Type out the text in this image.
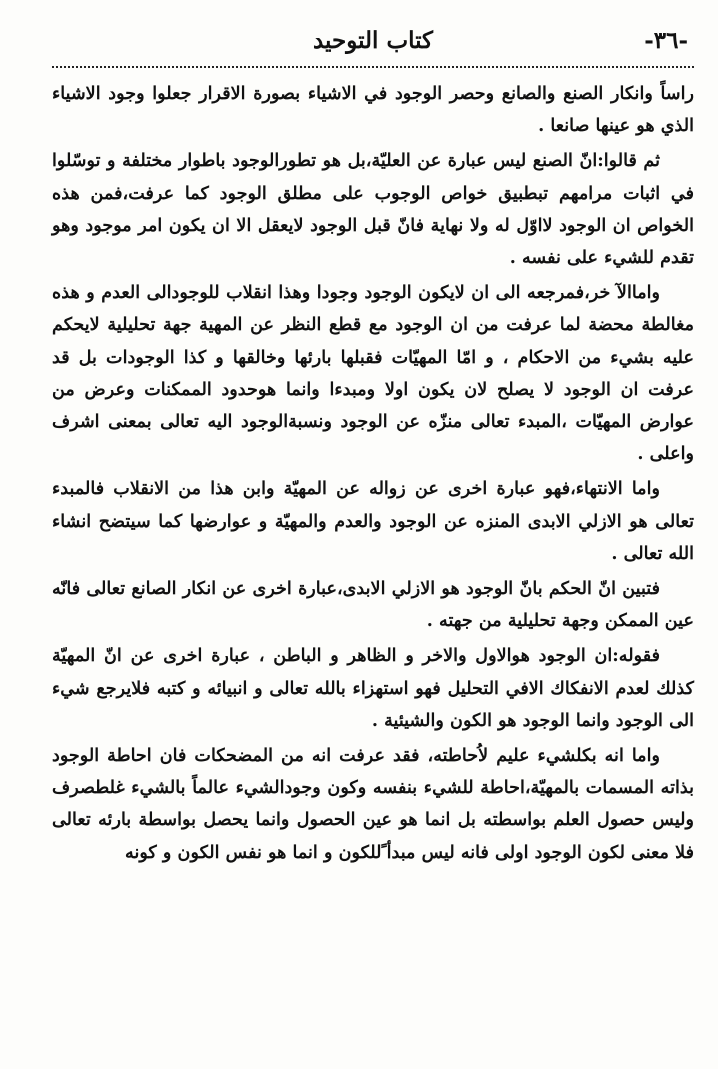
-٣٦-
كتاب التوحيد

راساً وانكار الصنع والصانع وحصر الوجود في الاشياء بصورة الاقرار جعلوا وجود الاشياء الذي هو عينها صانعا .

ثم قالوا:انّ الصنع ليس عبارة عن العليّة،بل هو تطورالوجود باطوار مختلفة و توسّلوا في اثبات مرامهم تبطبيق خواص الوجوب على مطلق الوجود كما عرفت،فمن هذه الخواص ان الوجود لااوّل له ولا نهاية فانّ قبل الوجود لايعقل الا ان يكون امر موجود وهو تقدم للشيء على نفسه .

واماالآ خر،فمرجعه الى ان لايكون الوجود وجودا وهذا انقلاب للوجودالى العدم و هذه مغالطة محضة لما عرفت من ان الوجود مع قطع النظر عن المهية جهة تحليلية لايحكم عليه بشيء من الاحكام ، و امّا المهيّات فقبلها بارئها وخالقها و كذا الوجودات بل قد عرفت ان الوجود لا يصلح لان يكون اولا ومبدءا وانما هوحدود الممكنات وعرض من عوارض المهيّات ،المبدء تعالى منزّه عن الوجود ونسبةالوجود اليه تعالى بمعنى اشرف واعلى .

واما الانتهاء،فهو عبارة اخرى عن زواله عن المهيّة وابن هذا من الانقلاب فالمبدء تعالى هو الازلي الابدى المنزه عن الوجود والعدم والمهيّة و عوارضها كما سيتضح انشاء الله تعالى .

فتبين انّ الحكم بانّ الوجود هو الازلي الابدى،عبارة اخرى عن انكار الصانع تعالى فانّه عين الممكن وجهة تحليلية من جهته .

فقوله:ان الوجود هوالاول والاخر و الظاهر و الباطن ، عبارة اخرى عن انّ المهيّة كذلك لعدم الانفكاك الافي التحليل فهو استهزاء بالله تعالى و انبيائه و كتبه فلايرجع شيء الى الوجود وانما الوجود هو الكون والشيئية .

واما انه بكلشيء عليم لاُحاطته، فقد عرفت انه من المضحكات فان احاطة الوجود بذاته المسمات بالمهيّة،احاطة للشيء بنفسه وكون وجودالشيء عالماً بالشيء غلطصرف وليس حصول العلم بواسطته بل انما هو عين الحصول وانما يحصل بواسطة بارئه تعالى فلا معنى لكون الوجود اولى فانه ليس مبدأ ًللكون و انما هو نفس الكون و كونه
